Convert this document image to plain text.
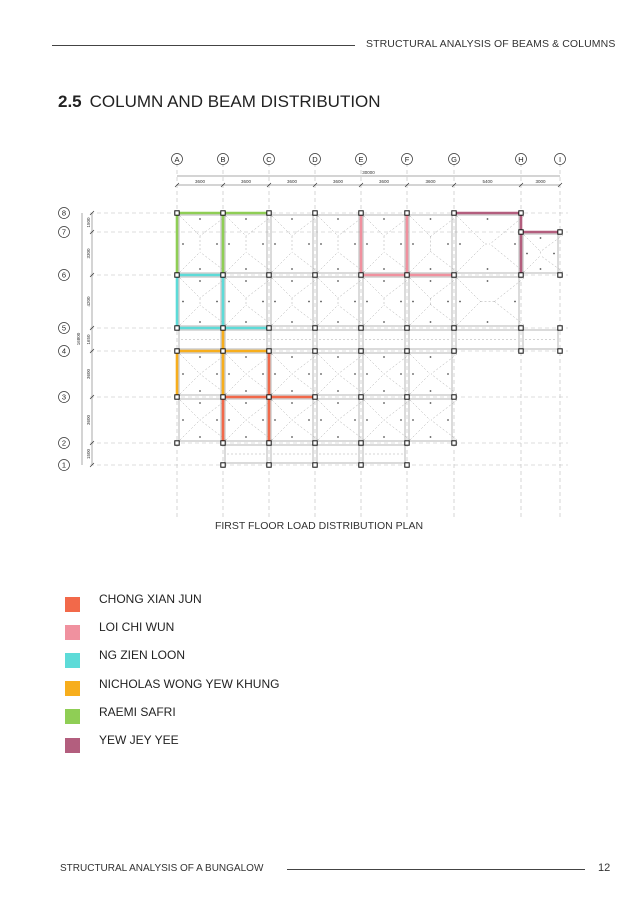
STRUCTURAL ANALYSIS OF BEAMS & COLUMNS
2.5 COLUMN AND BEAM DISTRIBUTION
A	B	C	D	E	F	G	H	I
8
7
6
5
4
3
2
1
30000
3600	3600	3600	3600	3600	3600	5400	3000
16800
1500
3300
4200
1650
3600
3600
1500
FIRST FLOOR LOAD DISTRIBUTION PLAN
CHONG XIAN JUN
LOI CHI WUN
NG ZIEN LOON
NICHOLAS WONG YEW KHUNG
RAEMI SAFRI
YEW JEY YEE
STRUCTURAL ANALYSIS OF A BUNGALOW	12
